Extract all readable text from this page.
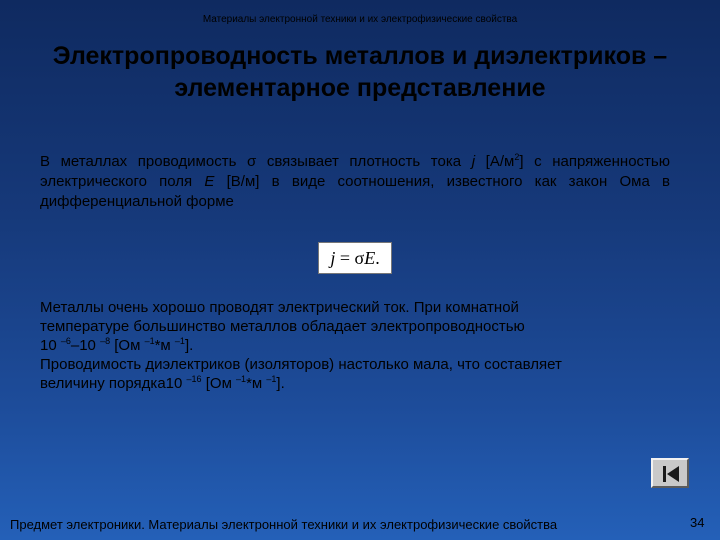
Материалы электронной техники и их электрофизические свойства
Электропроводность металлов и диэлектриков –
элементарное представление
В металлах проводимость σ связывает плотность тока j $[А/м^2]$ с напряженностью электрического поля E [В/м] в виде соотношения, известного как закон Ома в дифференциальной форме
j = σE.
Металлы очень хорошо проводят электрический ток. При комнатной
температуре большинство металлов обладает электропроводностью
10 $^{-6}$–10 $^{-8}$ [Ом $^{-1}$*м $^{-1}$].
Проводимость диэлектриков (изоляторов) настолько мала, что составляет
величину порядка10 $^{-16}$ [Ом $^{-1}$*м $^{-1}$].
Предмет электроники. Материалы электронной техники и их электрофизические свойства	34
